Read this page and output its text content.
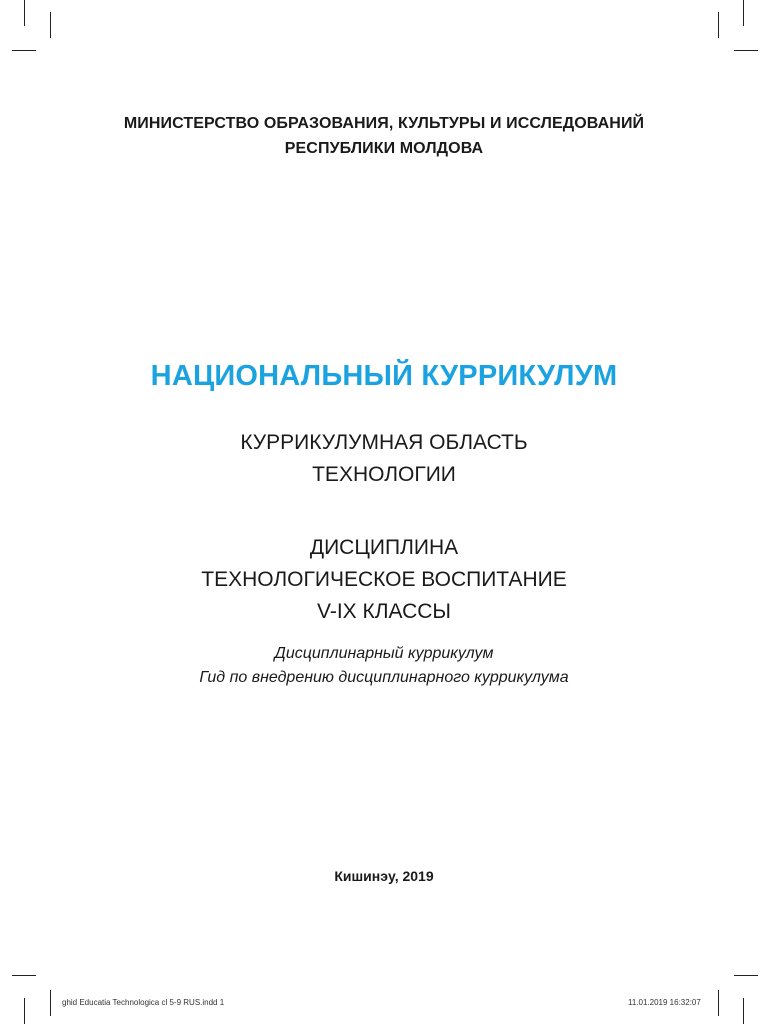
МИНИСТЕРСТВО ОБРАЗОВАНИЯ, КУЛЬТУРЫ И ИССЛЕДОВАНИЙ
РЕСПУБЛИКИ МОЛДОВА
НАЦИОНАЛЬНЫЙ КУРРИКУЛУМ
КУРРИКУЛУМНАЯ ОБЛАСТЬ
ТЕХНОЛОГИИ
ДИСЦИПЛИНА
ТЕХНОЛОГИЧЕСКОЕ ВОСПИТАНИЕ
V-IX КЛАССЫ
Дисциплинарный куррикулум
Гид по внедрению дисциплинарного куррикулума
Кишинэу, 2019
ghid Educatia Technologica cl 5-9 RUS.indd 1	11.01.2019 16:32:07
